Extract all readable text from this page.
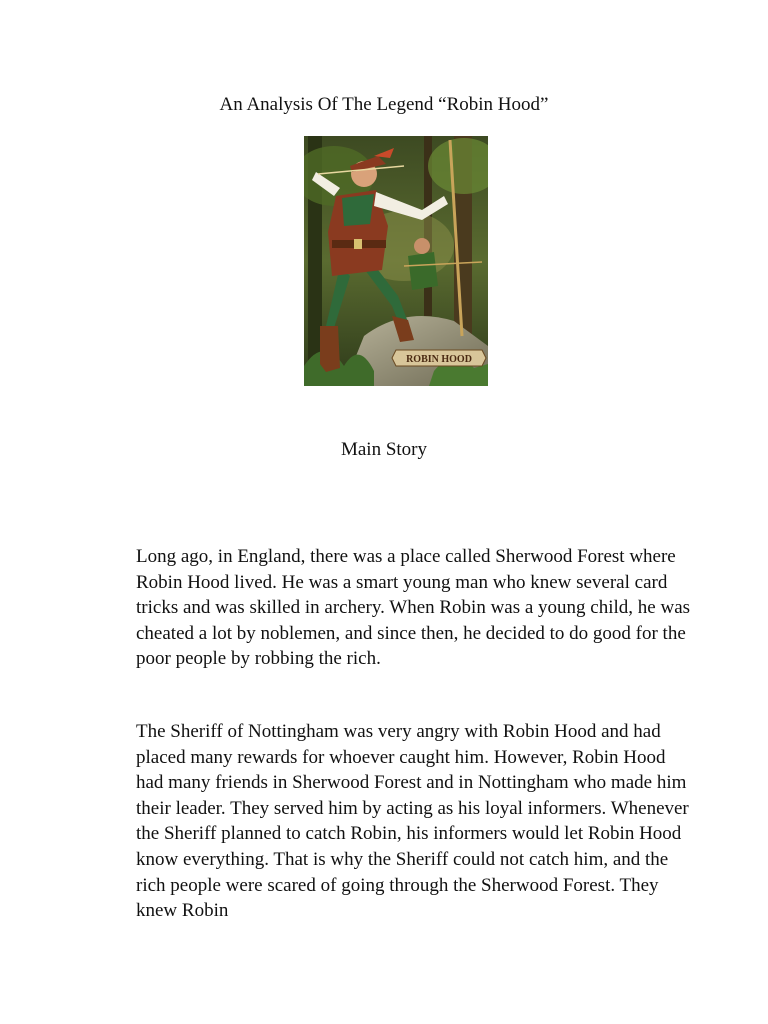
An Analysis Of The Legend “Robin Hood”
ROBIN HOOD
Main Story

Long ago, in England, there was a place called Sherwood Forest where Robin Hood lived. He was a smart young man who knew several card tricks and was skilled in archery. When Robin was a young child, he was cheated a lot by noblemen, and since then, he decided to do good for the poor people by robbing the rich.

The Sheriff of Nottingham was very angry with Robin Hood and had placed many rewards for whoever caught him. However, Robin Hood had many friends in Sherwood Forest and in Nottingham who made him their leader. They served him by acting as his loyal informers. Whenever the Sheriff planned to catch Robin, his informers would let Robin Hood know everything. That is why the Sheriff could not catch him, and the rich people were scared of going through the Sherwood Forest. They knew Robin
